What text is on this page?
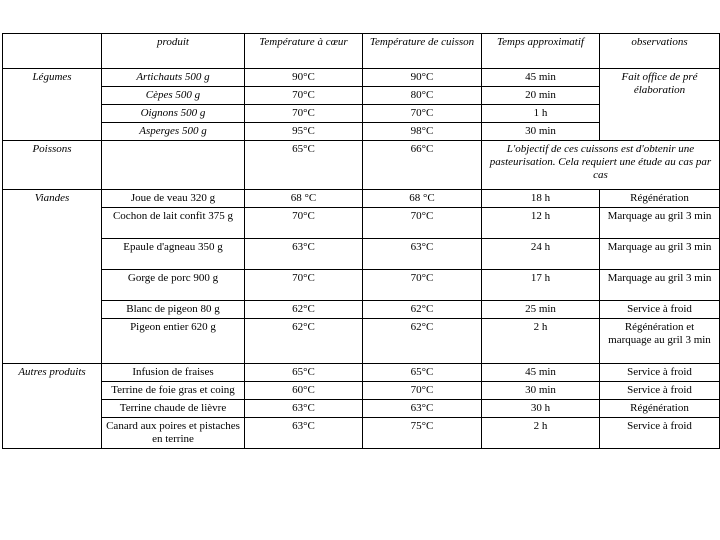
	produit	Température à cœur	Température de cuisson	Temps approximatif	observations
Légumes	Artichauts 500 g	90°C	90°C	45 min	Fait office de pré élaboration
	Cèpes 500 g	70°C	80°C	20 min	
	Oignons 500 g	70°C	70°C	1 h	
	Asperges 500 g	95°C	98°C	30 min	
Poissons		65°C	66°C	L'objectif de ces cuissons est d'obtenir une pasteurisation. Cela requiert une étude au cas par cas	
Viandes	Joue de veau 320 g	68 °C	68 °C	18 h	Régénération
	Cochon de lait confit 375 g	70°C	70°C	12 h	Marquage au gril 3 min
	Epaule d'agneau 350 g	63°C	63°C	24 h	Marquage au gril 3 min
	Gorge de porc 900 g	70°C	70°C	17 h	Marquage au gril 3 min
	Blanc de pigeon 80 g	62°C	62°C	25 min	Service à froid
	Pigeon entier 620 g	62°C	62°C	2 h	Régénération et marquage au gril 3 min
Autres produits	Infusion de fraises	65°C	65°C	45 min	Service à froid
	Terrine de foie gras et coing	60°C	70°C	30 min	Service à froid
	Terrine chaude de lièvre	63°C	63°C	30 h	Régénération
	Canard aux poires et pistaches en terrine	63°C	75°C	2 h	Service à froid
